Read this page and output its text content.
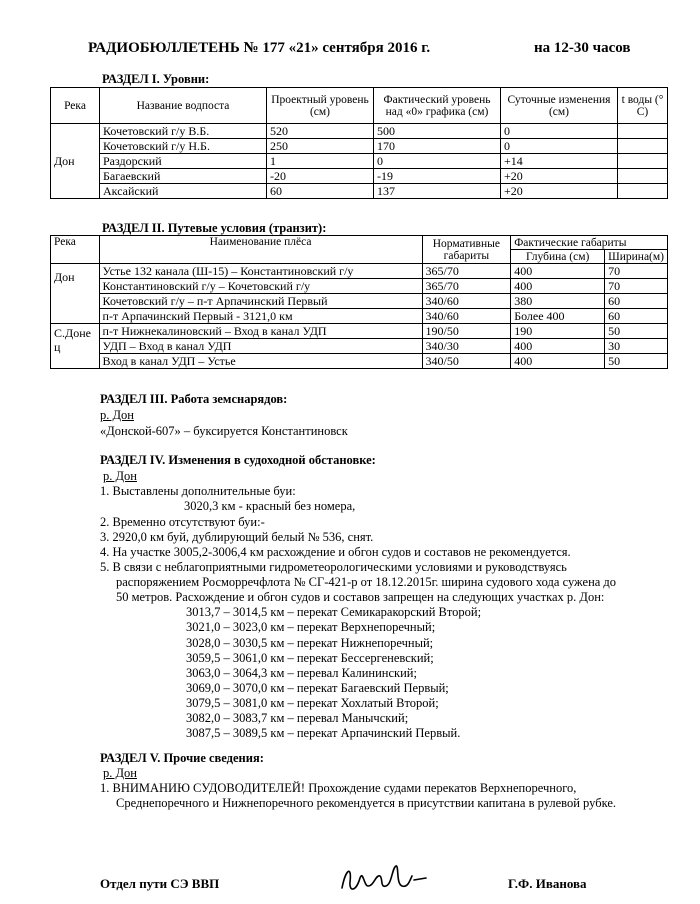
РАДИОБЮЛЛЕТЕНЬ № 177 «21» сентября 2016 г.	на 12-30 часов
РАЗДЕЛ I. Уровни:
Река	Название водпоста	Проектный уровень (см)	Фактический уровень над «0» графика (см)	Суточные изменения (см)	t воды (° С)
Дон	Кочетовский г/у В.Б.	520	500	0	
	Кочетовский г/у Н.Б.	250	170	0	
	Раздорский	1	0	+14	
	Багаевский	-20	-19	+20	
	Аксайский	60	137	+20	
РАЗДЕЛ II. Путевые условия (транзит):
Река	Наименование плёса	Нормативные габариты	Фактические габариты	
			Глубина (см)	Ширина(м)
Дон	Устье 132 канала (Ш-15) – Константиновский г/у	365/70	400	70
	Константиновский г/у – Кочетовский г/у	365/70	400	70
	Кочетовский г/у – п-т Арпачинский Первый	340/60	380	60
	п-т Арпачинский Первый - 3121,0 км	340/60	Более 400	60
С.Донец	п-т Нижнекалиновский – Вход в канал УДП	190/50	190	50
	УДП – Вход в канал УДП	340/30	400	30
	Вход в канал УДП – Устье	340/50	400	50
РАЗДЕЛ III. Работа земснарядов:
р. Дон
«Донской-607» – буксируется Константиновск
РАЗДЕЛ IV. Изменения в судоходной обстановке:
р. Дон
1. Выставлены дополнительные буи:
3020,3 км - красный без номера,
2. Временно отсутствуют буи:-
3. 2920,0 км буй, дублирующий белый № 536, снят.
4. На участке 3005,2-3006,4 км расхождение и обгон судов и составов не рекомендуется.
5. В связи с неблагоприятными гидрометеорологическими условиями и руководствуясь
распоряжением Росморречфлота № СГ-421-р от 18.12.2015г. ширина судового хода сужена до
50 метров. Расхождение и обгон судов и составов запрещен на следующих участках р. Дон:
3013,7 – 3014,5 км – перекат Семикаракорский Второй;
3021,0 – 3023,0 км – перекат Верхнепоречный;
3028,0 – 3030,5 км – перекат Нижнепоречный;
3059,5 – 3061,0 км – перекат Бессергеневский;
3063,0 – 3064,3 км – перевал Калининский;
3069,0 – 3070,0 км – перекат Багаевский Первый;
3079,5 – 3081,0 км – перекат Хохлатый Второй;
3082,0 – 3083,7 км – перевал Манычский;
3087,5 – 3089,5 км – перекат Арпачинский Первый.
РАЗДЕЛ V. Прочие сведения:
р. Дон
1. ВНИМАНИЮ СУДОВОДИТЕЛЕЙ! Прохождение судами перекатов Верхнепоречного,
Среднепоречного и Нижнепоречного рекомендуется в присутствии капитана в рулевой рубке.
Отдел пути СЭ ВВП	Г.Ф. Иванова
